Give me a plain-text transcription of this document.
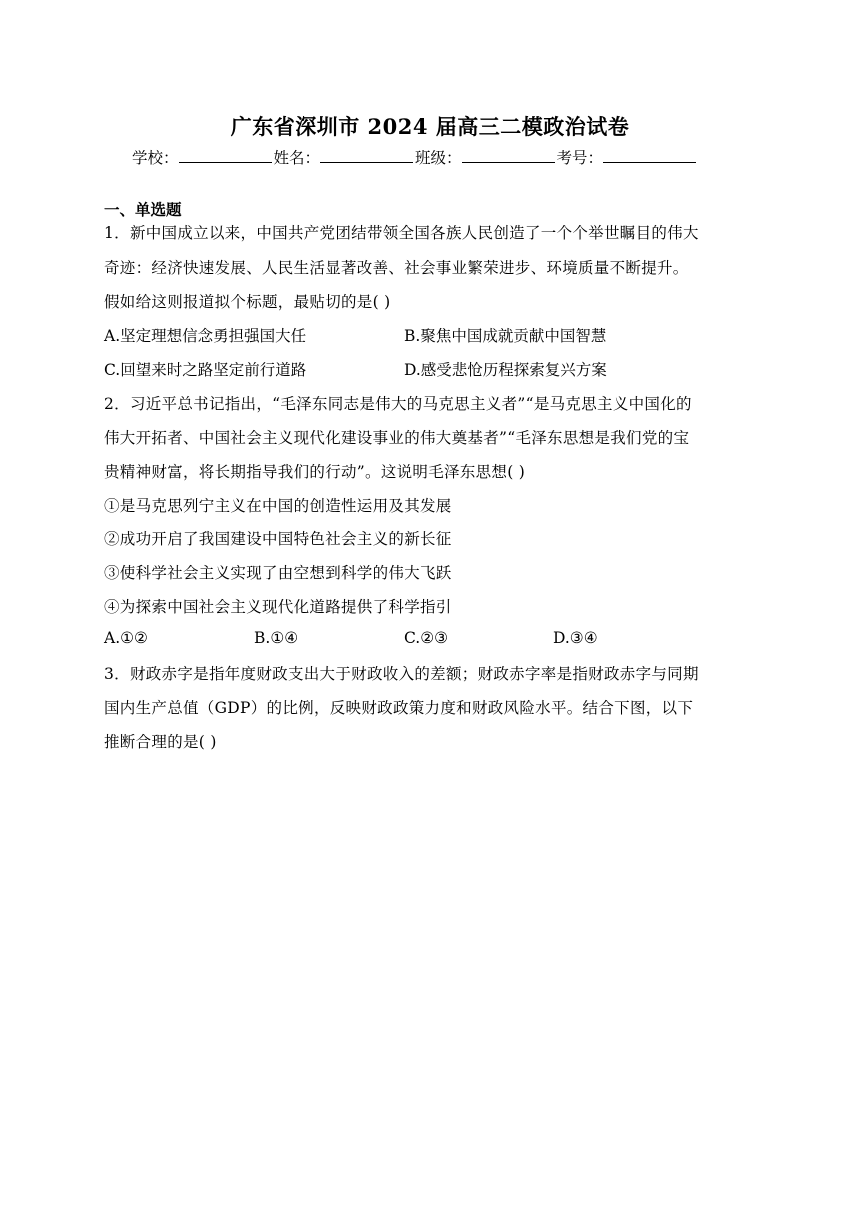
广东省深圳市 2024 届高三二模政治试卷
学校：	姓名：	班级：	考号：
一、单选题
1．新中国成立以来，中国共产党团结带领全国各族人民创造了一个个举世瞩目的伟大
奇迹：经济快速发展、人民生活显著改善、社会事业繁荣进步、环境质量不断提升。
假如给这则报道拟个标题，最贴切的是( )
A.坚定理想信念勇担强国大任	B.聚焦中国成就贡献中国智慧
C.回望来时之路坚定前行道路	D.感受悲怆历程探索复兴方案
2．习近平总书记指出，“毛泽东同志是伟大的马克思主义者”“是马克思主义中国化的
伟大开拓者、中国社会主义现代化建设事业的伟大奠基者”“毛泽东思想是我们党的宝
贵精神财富，将长期指导我们的行动”。这说明毛泽东思想( )
①是马克思列宁主义在中国的创造性运用及其发展
②成功开启了我国建设中国特色社会主义的新长征
③使科学社会主义实现了由空想到科学的伟大飞跃
④为探索中国社会主义现代化道路提供了科学指引
A.①②	B.①④	C.②③	D.③④
3．财政赤字是指年度财政支出大于财政收入的差额；财政赤字率是指财政赤字与同期
国内生产总值（GDP）的比例，反映财政政策力度和财政风险水平。结合下图，以下
推断合理的是( )
